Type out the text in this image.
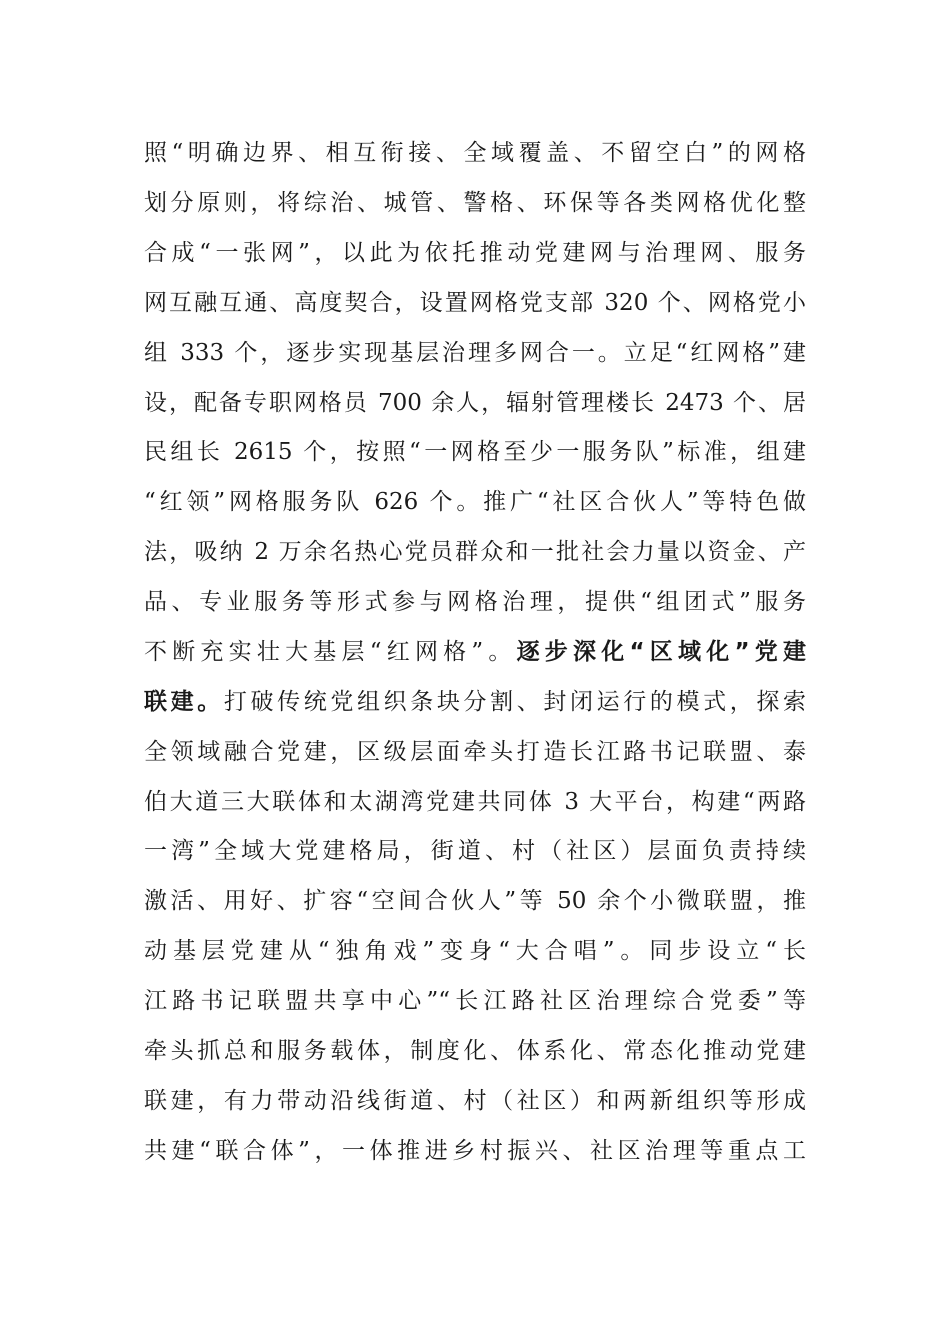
照“明确边界、相互衔接、全域覆盖、不留空白”的网格
划分原则，将综治、城管、警格、环保等各类网格优化整
合成“一张网”，以此为依托推动党建网与治理网、服务
网互融互通、高度契合，设置网格党支部 320 个、网格党小
组 333 个，逐步实现基层治理多网合一。立足“红网格”建
设，配备专职网格员 700 余人，辐射管理楼长 2473 个、居
民组长 2615 个，按照“一网格至少一服务队”标准，组建
“红领”网格服务队 626 个。推广“社区合伙人”等特色做
法，吸纳 2 万余名热心党员群众和一批社会力量以资金、产
品、专业服务等形式参与网格治理，提供“组团式”服务
不断充实壮大基层“红网格”。逐步深化“区域化”党建
联建。打破传统党组织条块分割、封闭运行的模式，探索
全领域融合党建，区级层面牵头打造长江路书记联盟、泰
伯大道三大联体和太湖湾党建共同体 3 大平台，构建“两路
一湾”全域大党建格局，街道、村（社区）层面负责持续
激活、用好、扩容“空间合伙人”等 50 余个小微联盟，推
动基层党建从“独角戏”变身“大合唱”。同步设立“长
江路书记联盟共享中心”“长江路社区治理综合党委”等
牵头抓总和服务载体，制度化、体系化、常态化推动党建
联建，有力带动沿线街道、村（社区）和两新组织等形成
共建“联合体”，一体推进乡村振兴、社区治理等重点工
